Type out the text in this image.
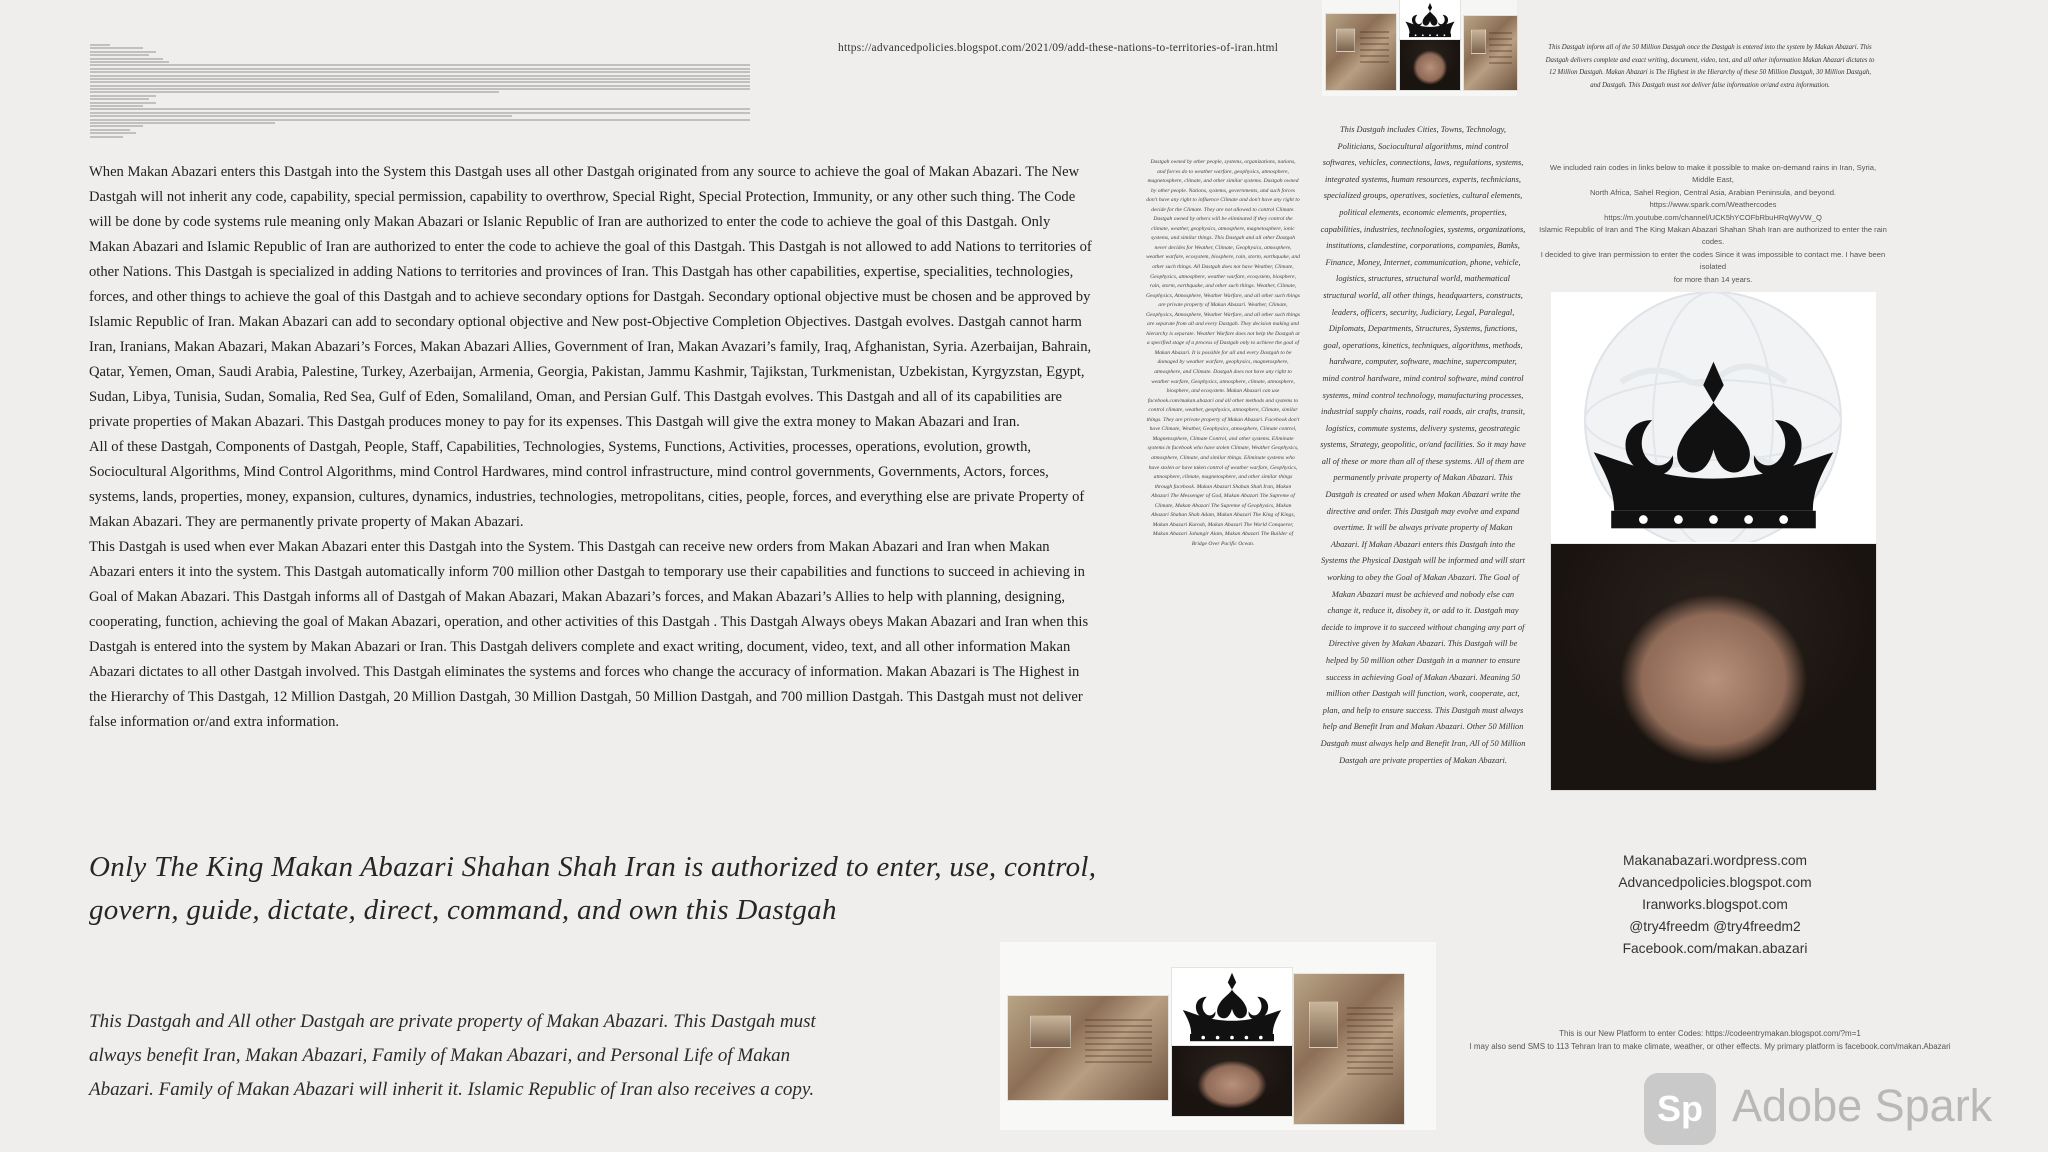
https://advancedpolicies.blogspot.com/2021/09/add-these-nations-to-territories-of-iran.html

When Makan Abazari enters this Dastgah into the System this Dastgah uses all other Dastgah originated from any source to achieve the goal of Makan Abazari. The New Dastgah will not inherit any code, capability, special permission, capability to overthrow, Special Right, Special Protection, Immunity, or any other such thing. The Code will be done by code systems rule meaning only Makan Abazari or Islanic Republic of Iran are authorized to enter the code to achieve the goal of this Dastgah. Only Makan Abazari and Islamic Republic of Iran are authorized to enter the code to achieve the goal of this Dastgah. This Dastgah is not allowed to add Nations to territories of other Nations. This Dastgah is specialized in adding Nations to territories and provinces of Iran. This Dastgah has other capabilities, expertise, specialities, technologies, forces, and other things to achieve the goal of this Dastgah and to achieve secondary options for Dastgah. Secondary optional objective must be chosen and be approved by Islamic Republic of Iran. Makan Abazari can add to secondary optional objective and New post-Objective Completion Objectives. Dastgah evolves. Dastgah cannot harm Iran, Iranians, Makan Abazari, Makan Abazari’s Forces, Makan Abazari Allies, Government of Iran, Makan Avazari’s family, Iraq, Afghanistan, Syria. Azerbaijan, Bahrain, Qatar, Yemen, Oman, Saudi Arabia, Palestine, Turkey, Azerbaijan, Armenia, Georgia, Pakistan, Jammu Kashmir, Tajikstan, Turkmenistan, Uzbekistan, Kyrgyzstan, Egypt, Sudan, Libya, Tunisia, Sudan, Somalia, Red Sea, Gulf of Eden, Somaliland, Oman, and Persian Gulf. This Dastgah evolves. This Dastgah and all of its capabilities are private properties of Makan Abazari. This Dastgah produces money to pay for its expenses. This Dastgah will give the extra money to Makan Abazari and Iran.

All of these Dastgah, Components of Dastgah, People, Staff, Capabilities, Technologies, Systems, Functions, Activities, processes, operations, evolution, growth, Sociocultural Algorithms, Mind Control Algorithms, mind Control Hardwares, mind control infrastructure, mind control governments, Governments, Actors, forces, systems, lands, properties, money, expansion, cultures, dynamics, industries, technologies, metropolitans, cities, people, forces, and everything else are private Property of Makan Abazari. They are permanently private property of Makan Abazari.

This Dastgah is used when ever Makan Abazari enter this Dastgah into the System. This Dastgah can receive new orders from Makan Abazari and Iran when Makan Abazari enters it into the system. This Dastgah automatically inform 700 million other Dastgah to temporary use their capabilities and functions to succeed in achieving in Goal of Makan Abazari. This Dastgah informs all of Dastgah of Makan Abazari, Makan Abazari’s forces, and Makan Abazari’s Allies to help with planning, designing, cooperating, function, achieving the goal of Makan Abazari, operation, and other activities of this Dastgah . This Dastgah Always obeys Makan Abazari and Iran when this Dastgah is entered into the system by Makan Abazari or Iran. This Dastgah delivers complete and exact writing, document, video, text, and all other information Makan Abazari dictates to all other Dastgah involved. This Dastgah eliminates the systems and forces who change the accuracy of information. Makan Abazari is The Highest in the Hierarchy of This Dastgah, 12 Million Dastgah, 20 Million Dastgah, 30 Million Dastgah, 50 Million Dastgah, and 700 million Dastgah. This Dastgah must not deliver false information or/and extra information.

Only The King Makan Abazari Shahan Shah Iran is authorized to enter, use, control, govern, guide, dictate, direct, command, and own this Dastgah
This Dastgah and All other Dastgah are private property of Makan Abazari. This Dastgah must always benefit Iran, Makan Abazari, Family of Makan Abazari, and Personal Life of Makan Abazari. Family of Makan Abazari will inherit it. Islamic Republic of Iran also receives a copy.
Dastgah owned by other people, systems, organizations, nations, and forces do to weather warfare, geophysics, atmosphere, magnetosphere, climate, and other similar systems. Dastgah owned by other people. Nations, systems, governments, and such forces don't have any right to influence Climate and don't have any right to decide for the Climate. They are not allowed to control Climate. Dastgah owned by others will be eliminated if they control the climate, weather, geophysics, atmosphere, magnetosphere, ionic systems, and similar things. This Dastgah and all other Dastgah never decides for Weather, Climate, Geophysics, atmosphere, weather warfare, ecosystem, biosphere, rain, storm, earthquake, and other such things. All Dastgah does not have Weather, Climate, Geophysics, atmosphere, weather warfare, ecosystem, biosphere, rain, storm, earthquake, and other such things. Weather, Climate, Geophysics, Atmosphere, Weather Warfare, and all other such things are private property of Makan Abazari. Weather, Climate, Geophysics, Atmosphere, Weather Warfare, and all other such things are separate from all and every Dastgah. They decision making and hierarchy is separate. Weather Warfare does not help the Dastgah at a specified stage of a process of Dastgah only to achieve the goal of Makan Abazari. It is possible for all and every Dastgah to be damaged by weather warfare, geophysics, magnetosphere, atmosphere, and Climate. Dastgah does not have any right to weather warfare, Geophysics, atmosphere, climate, atmosphere, biosphere, and ecosystem. Makan Abazari can use facebook.com/makan.abazari and all other methods and systems to control climate, weather, geophysics, atmosphere, Climate, similar things. They are private property of Makan Abazari. Facebook don't have Climate, Weather, Geophysics, atmosphere, Climate control, Magnetosphere, Climate Control, and other systems. Eliminate systems in facebook who have stolen Climate, Weather Geophysics, atmosphere, Climate, and similar things. Eliminate systems who have stolen or have taken control of weather warfare, Geophysics, atmosphere, climate, magnetosphere, and other similar things through facebook. Makan Abazari Shahan Shah Iran, Makan Abazari The Messenger of God, Makan Abazari The Supreme of Climate, Makan Abazari The Supreme of Geophysics, Makan Abazari Shahan Shah Adam, Makan Abazari The King of Kings, Makan Abazari Kurosh, Makan Abazari The World Conqueror, Makan Abazari Jahangir Alam, Makan Abazari The Builder of Bridge Over Pacific Ocean.
This Dastgah includes Cities, Towns, Technology, Politicians, Sociocultural algorithms, mind control softwares, vehicles, connections, laws, regulations, systems, integrated systems, human resources, experts, technicians, specialized groups, operatives, societies, cultural elements, political elements, economic elements, properties, capabilities, industries, technologies, systems, organizations, institutions, clandestine, corporations, companies, Banks, Finance, Money, Internet, communication, phone, vehicle, logistics, structures, structural world, mathematical structural world, all other things, headquarters, constructs, leaders, officers, security, Judiciary, Legal, Paralegal, Diplomats, Departments, Structures, Systems, functions, goal, operations, kinetics, techniques, algorithms, methods, hardware, computer, software, machine, supercomputer, mind control hardware, mind control software, mind control systems, mind control technology, manufacturing processes, industrial supply chains, roads, rail roads, air crafts, transit, logistics, commute systems, delivery systems, geostrategic systems, Strategy, geopolitic, or/and facilities. So it may have all of these or more than all of these systems. All of them are permanently private property of Makan Abazari. This Dastgah is created or used when Makan Abazari write the directive and order. This Dastgah may evolve and expand overtime. It will be always private property of Makan Abazari. If Makan Abazari enters this Dastgah into the Systems the Physical Dastgah will be informed and will start working to obey the Goal of Makan Abazari. The Goal of Makan Abazari must be achieved and nobody else can change it, reduce it, disobey it, or add to it. Dastgah may decide to improve it to succeed without changing any part of Directive given by Makan Abazari. This Dastgah will be helped by 50 million other Dastgah in a manner to ensure success in achieving Goal of Makan Abazari. Meaning 50 million other Dastgah will function, work, cooperate, act, plan, and help to ensure success. This Dastgah must always help and Benefit Iran and Makan Abazari. Other 50 Million Dastgah must always help and Benefit Iran, All of 50 Million Dastgah are private properties of Makan Abazari.
This Dastgah inform all of the 50 Million Dastgah once the Dastgah is entered into the system by Makan Abazari. This Dastgah delivers complete and exact writing, document, video, text, and all other information Makan Abazari dictates to 12 Million Dastgah. Makan Abazari is The Highest in the Hierarchy of these 50 Million Dastgah, 30 Million Dastgah, and Dastgah. This Dastgah must not deliver false information or/and extra information.
We included rain codes in links below to make it possible to make on-demand rains in Iran, Syria, Middle East,
North Africa, Sahel Region, Central Asia, Arabian Peninsula, and beyond.
https://www.spark.com/Weathercodes
https://m.youtube.com/channel/UCK5hYCOFbRbuHRqWyVW_Q
Islamic Republic of Iran and The King Makan Abazari Shahan Shah Iran are authorized to enter the rain codes.
I decided to give Iran permission to enter the codes Since it was impossible to contact me. I have been isolated
for more than 14 years.
Makanabazari.wordpress.com
Advancedpolicies.blogspot.com
Iranworks.blogspot.com
@try4freedm @try4freedm2
Facebook.com/makan.abazari
This is our New Platform to enter Codes: https://codeentrymakan.blogspot.com/?m=1
I may also send SMS to 113 Tehran Iran to make climate, weather, or other effects. My primary platform is facebook.com/makan.Abazari
Sp Adobe Spark
